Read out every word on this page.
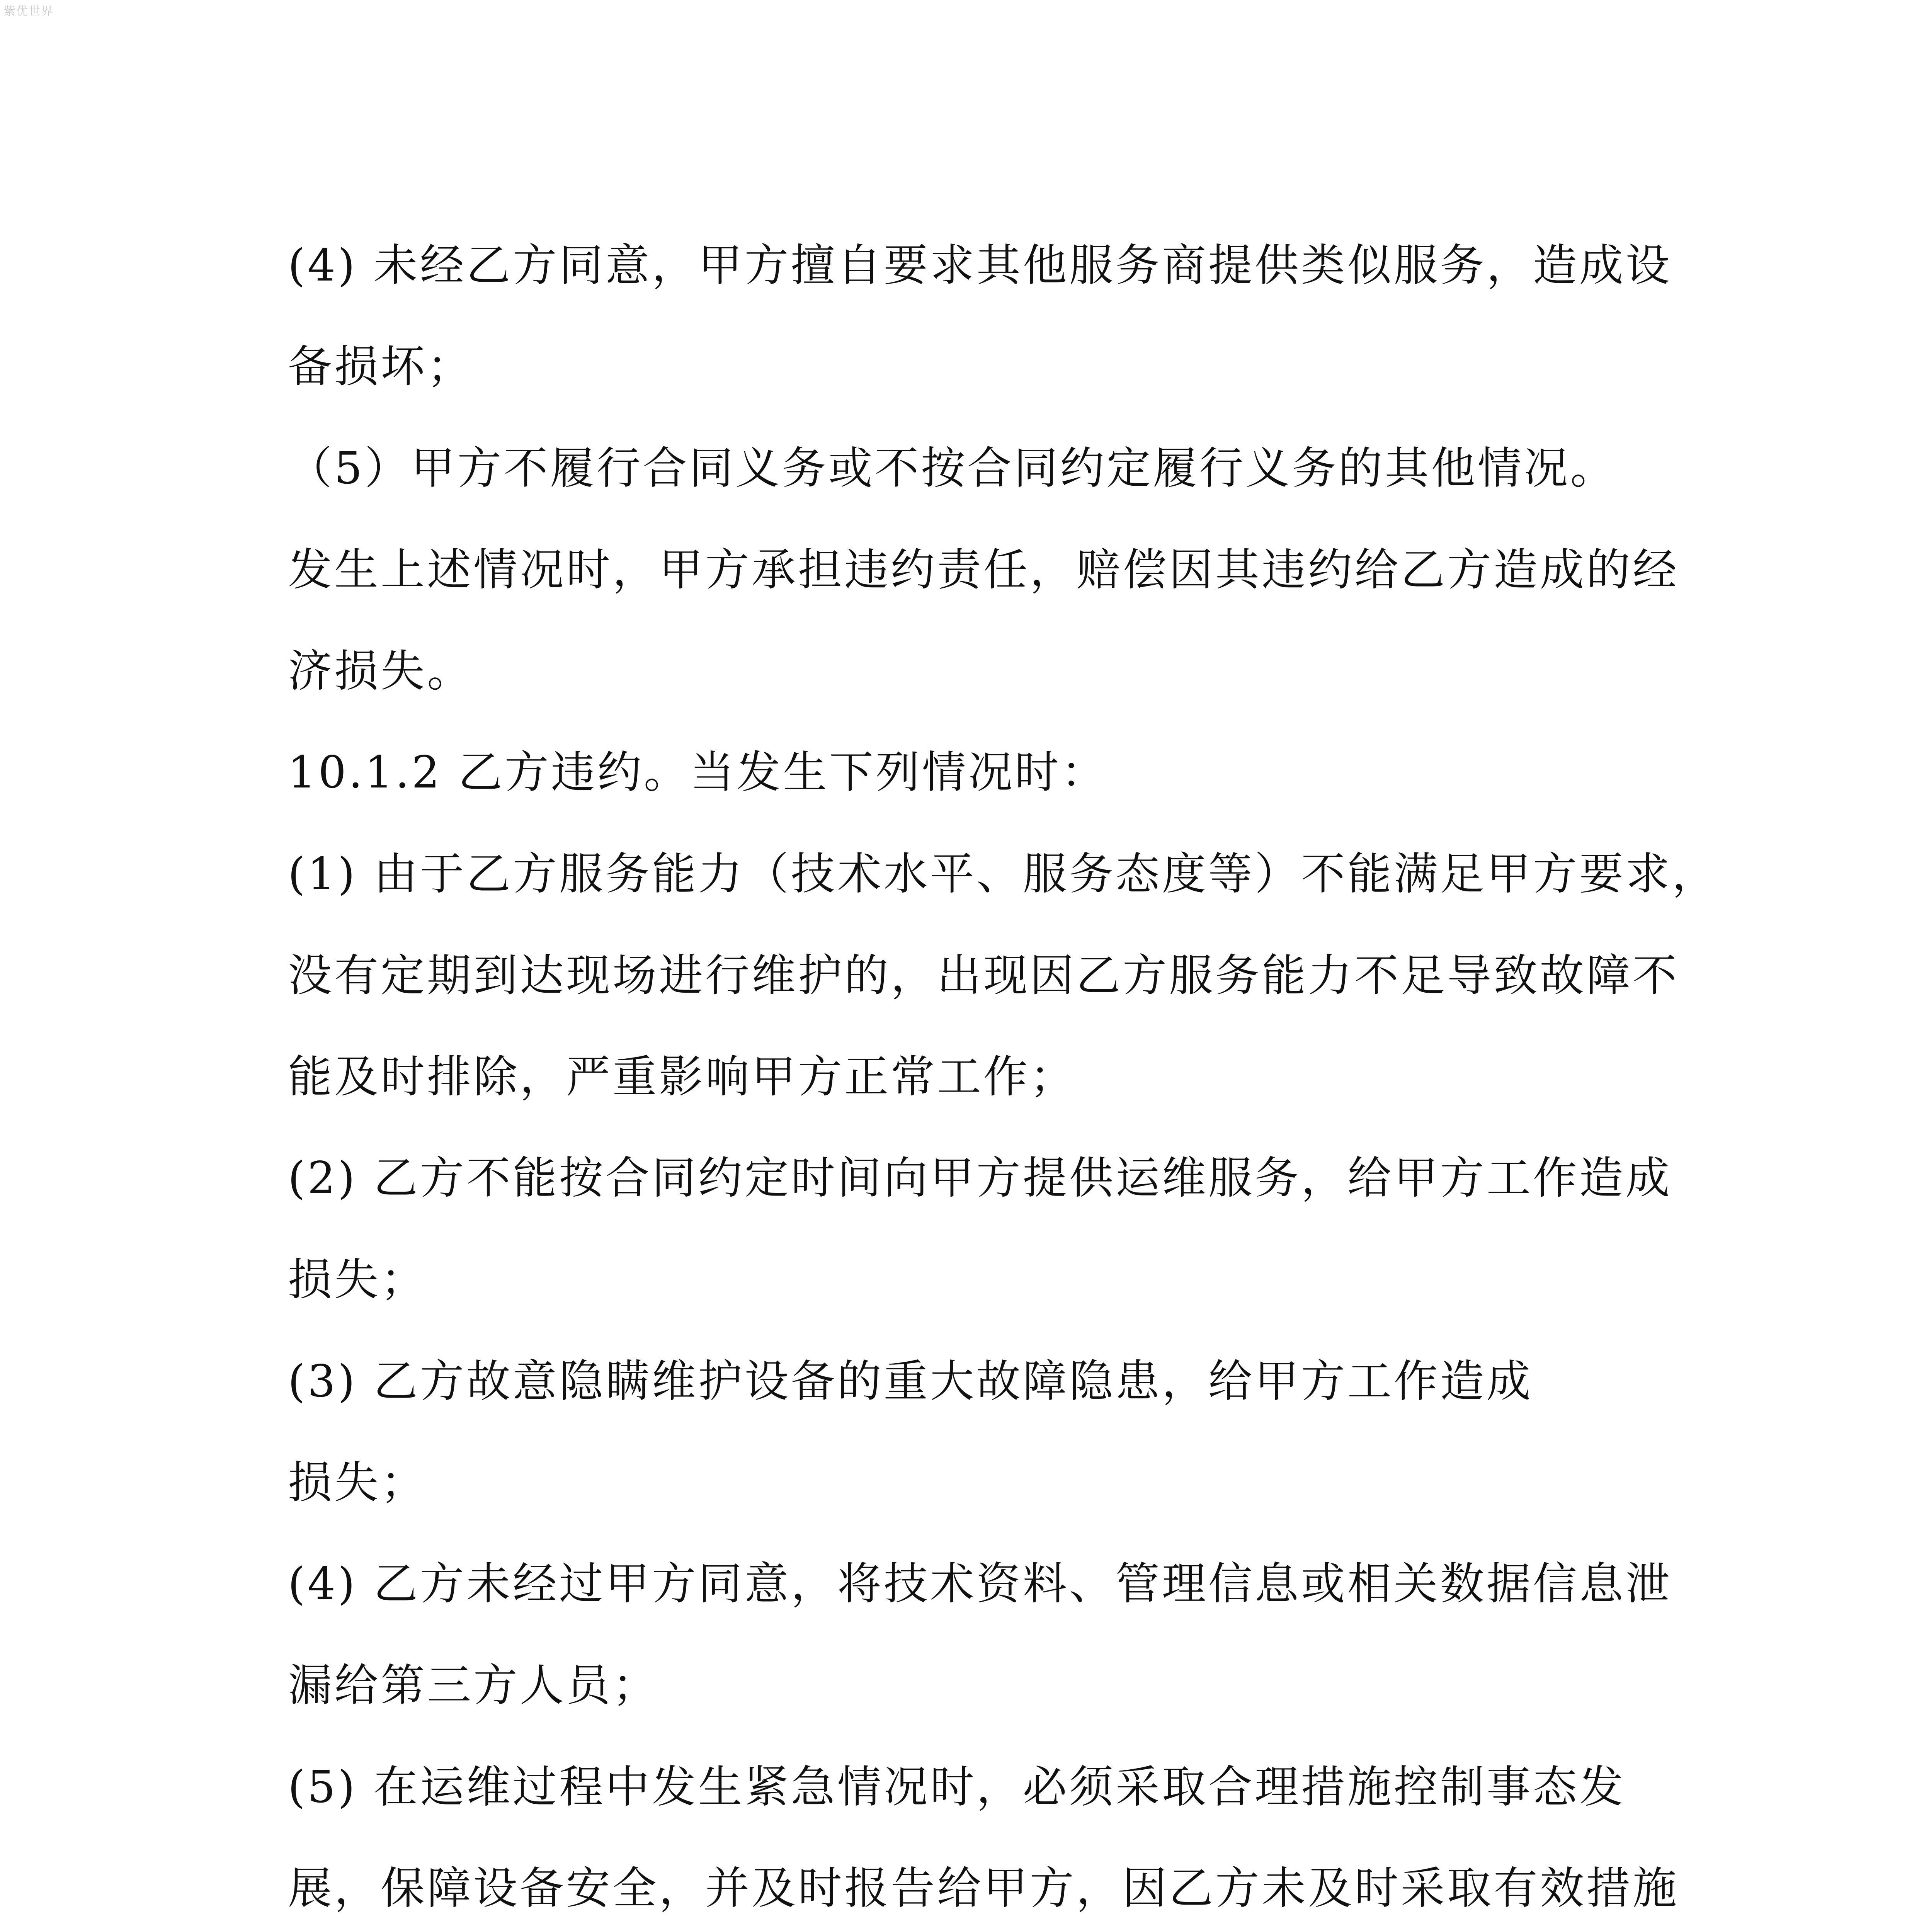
紫优世界
(4) 未经乙方同意，甲方擅自要求其他服务商提供类似服务，造成设
备损坏；
（5）甲方不履行合同义务或不按合同约定履行义务的其他情况。
发生上述情况时，甲方承担违约责任，赔偿因其违约给乙方造成的经
济损失。
10.1.2 乙方违约。当发生下列情况时：
(1) 由于乙方服务能力（技术水平、服务态度等）不能满足甲方要求，
没有定期到达现场进行维护的，出现因乙方服务能力不足导致故障不
能及时排除，严重影响甲方正常工作；
(2) 乙方不能按合同约定时间向甲方提供运维服务，给甲方工作造成
损失；
(3) 乙方故意隐瞒维护设备的重大故障隐患，给甲方工作造成
损失；
(4) 乙方未经过甲方同意，将技术资料、管理信息或相关数据信息泄
漏给第三方人员；
(5) 在运维过程中发生紧急情况时，必须采取合理措施控制事态发
展，保障设备安全，并及时报告给甲方，因乙方未及时采取有效措施
